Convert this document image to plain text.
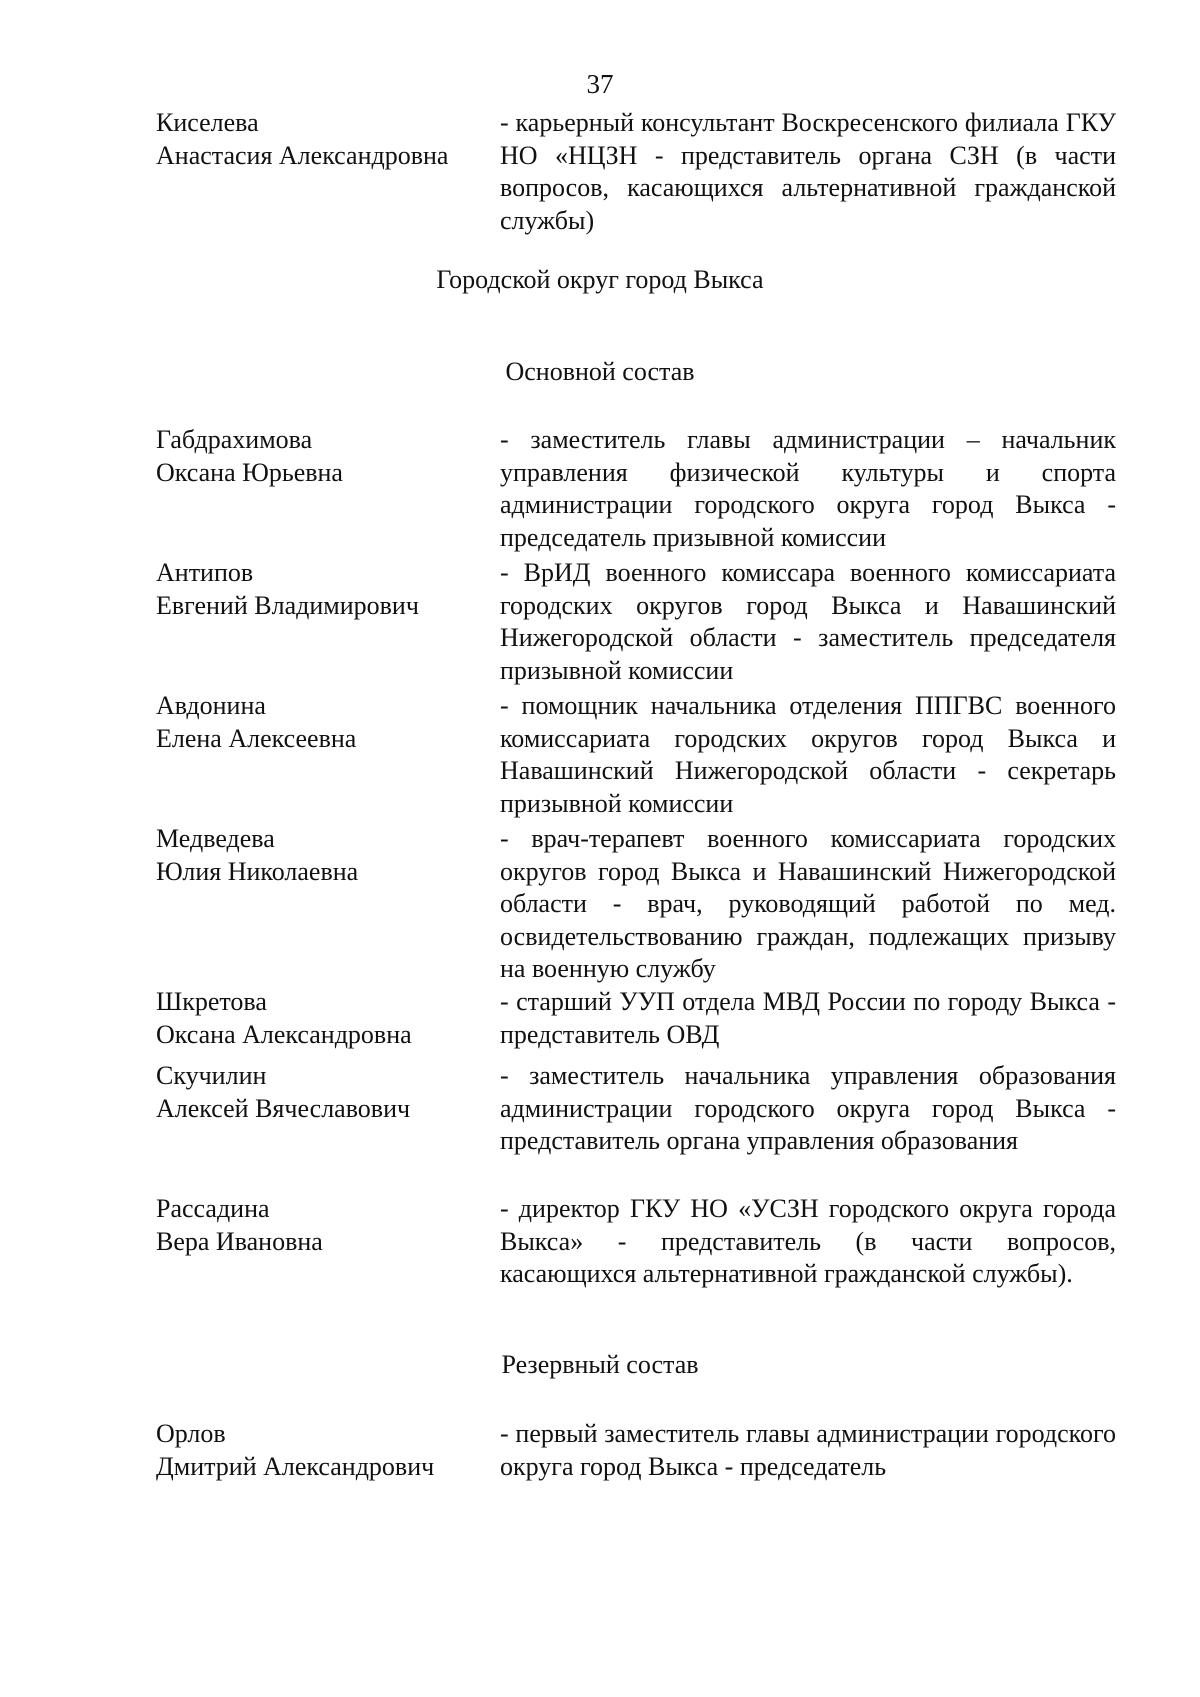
37
Киселева
Анастасия Александровна
- карьерный консультант Воскресенского филиала ГКУ НО «НЦЗН - представитель органа СЗН (в части вопросов, касающихся альтернативной гражданской службы)
Городской округ город Выкса
Основной состав
Габдрахимова
Оксана Юрьевна
- заместитель главы администрации – начальник управления физической культуры и спорта администрации городского округа город Выкса - председатель призывной комиссии
Антипов
Евгений Владимирович
- ВрИД военного комиссара военного комиссариата городских округов город Выкса и Навашинский Нижегородской области - заместитель председателя призывной комиссии
Авдонина
Елена Алексеевна
- помощник начальника отделения ППГВС военного комиссариата городских округов город Выкса и Навашинский Нижегородской области - секретарь призывной комиссии
Медведева
Юлия Николаевна
- врач-терапевт военного комиссариата городских округов город Выкса и Навашинский Нижегородской области - врач, руководящий работой по мед. освидетельствованию граждан, подлежащих призыву на военную службу
Шкретова
Оксана Александровна
- старший УУП отдела МВД России по городу Выкса - представитель ОВД
Скучилин
Алексей Вячеславович
- заместитель начальника управления образования администрации городского округа город Выкса - представитель органа управления образования
Рассадина
Вера Ивановна
- директор ГКУ НО «УСЗН городского округа города Выкса» - представитель (в части вопросов, касающихся альтернативной гражданской службы).
Резервный состав
Орлов
Дмитрий Александрович
- первый заместитель главы администрации городского округа город Выкса - председатель
